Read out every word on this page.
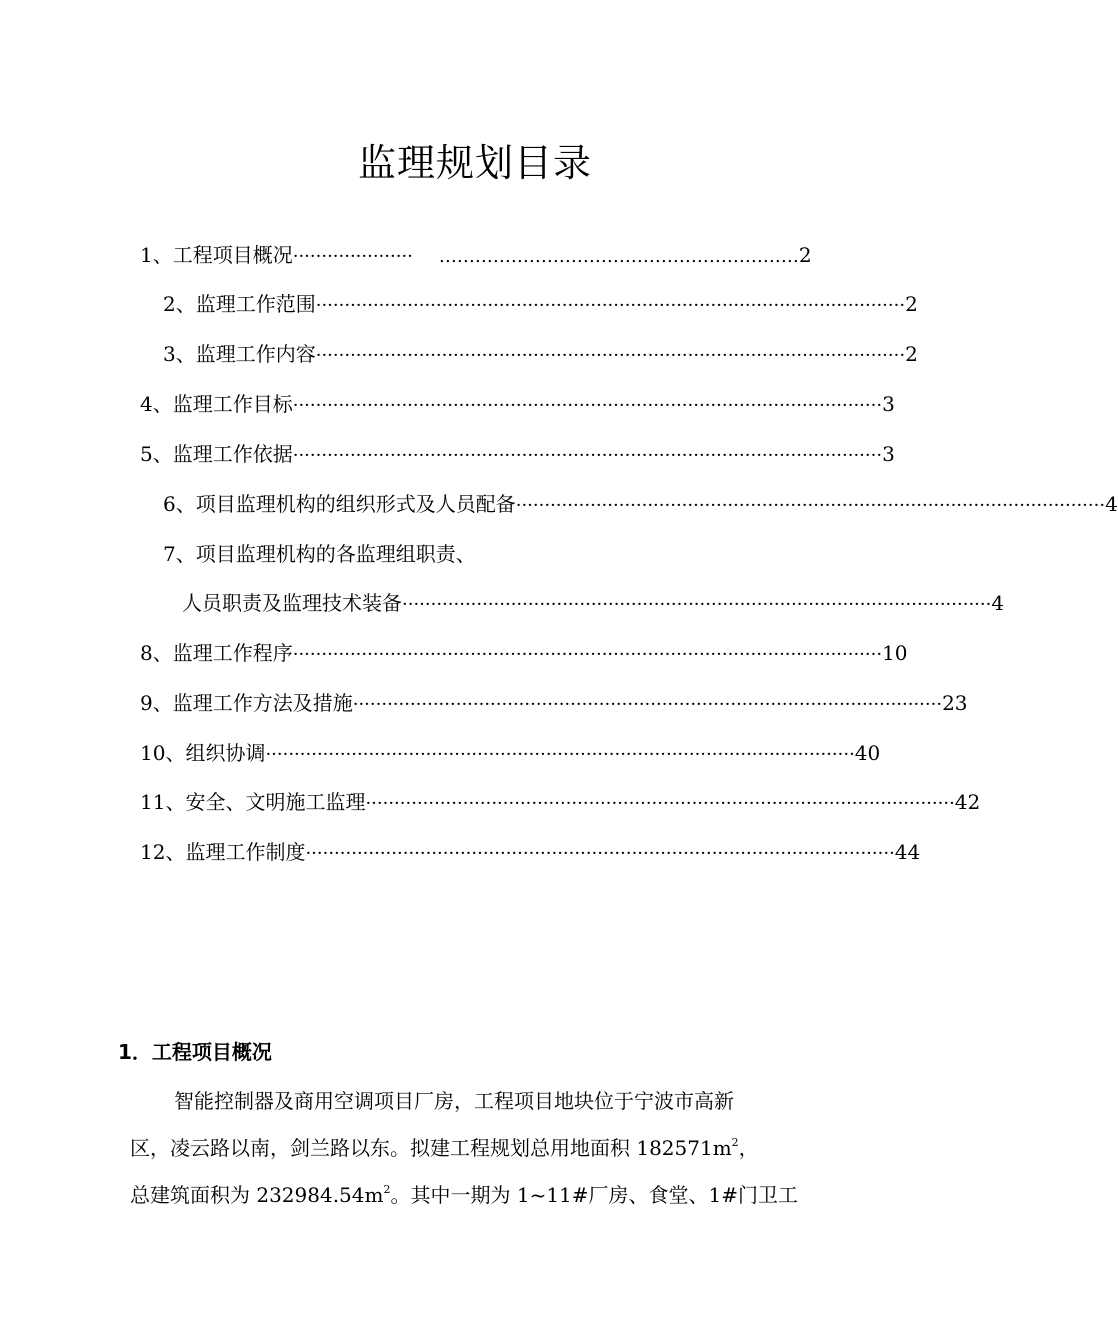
监理规划目录
1、工程项目概况 ····················· …………………………………………………… 2
2、监理工作范围 ······································································································· 2
3、监理工作内容 ······································································································· 2
4、监理工作目标 ······································································································· 3
5、监理工作依据 ······································································································· 3
6、项目监理机构的组织形式及人员配备 ······································································································· 4
7、项目监理机构的各监理组职责、
人员职责及监理技术装备 ······································································································· 4
8、监理工作程序 ······································································································· 10
9、监理工作方法及措施 ······································································································· 23
10、组织协调 ······································································································· 40
11、安全、文明施工监理 ······································································································· 42
12、监理工作制度 ······································································································· 44
1．工程项目概况
智能控制器及商用空调项目厂房，工程项目地块位于宁波市高新
区，凌云路以南，剑兰路以东。拟建工程规划总用地面积 $182571m^2$，
总建筑面积为 $232984.54m^2$。其中一期为 1~11#厂房、食堂、1#门卫工
